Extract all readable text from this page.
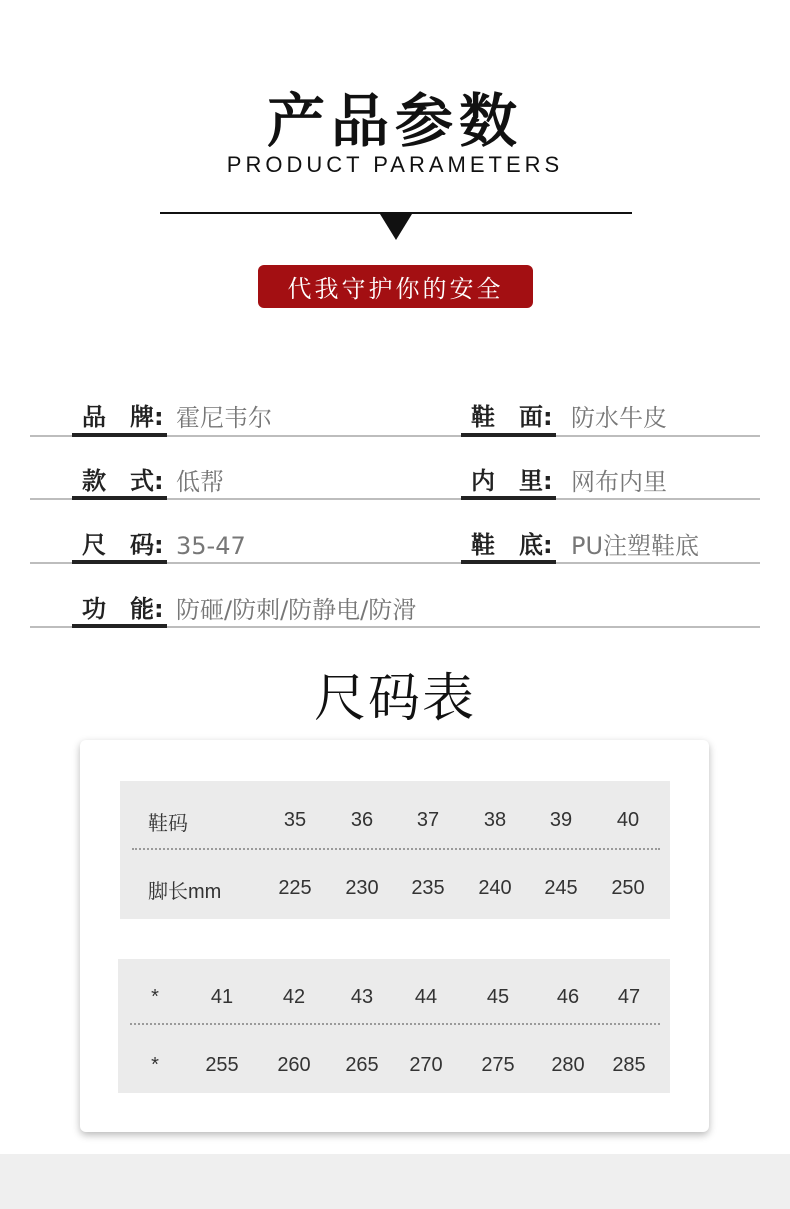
产品参数
PRODUCT PARAMETERS
代我守护你的安全
品 牌: 霍尼韦尔	鞋 面: 防水牛皮
款 式: 低帮	内 里: 网布内里
尺 码: 35-47	鞋 底: PU注塑鞋底
功 能: 防砸/防刺/防静电/防滑
尺码表
鞋码	35 36 37 38 39 40
脚长mm	225 230 235 240 245 250
*	41 42 43 44 45 46 47
* 255 260 265 270 275 280 285
